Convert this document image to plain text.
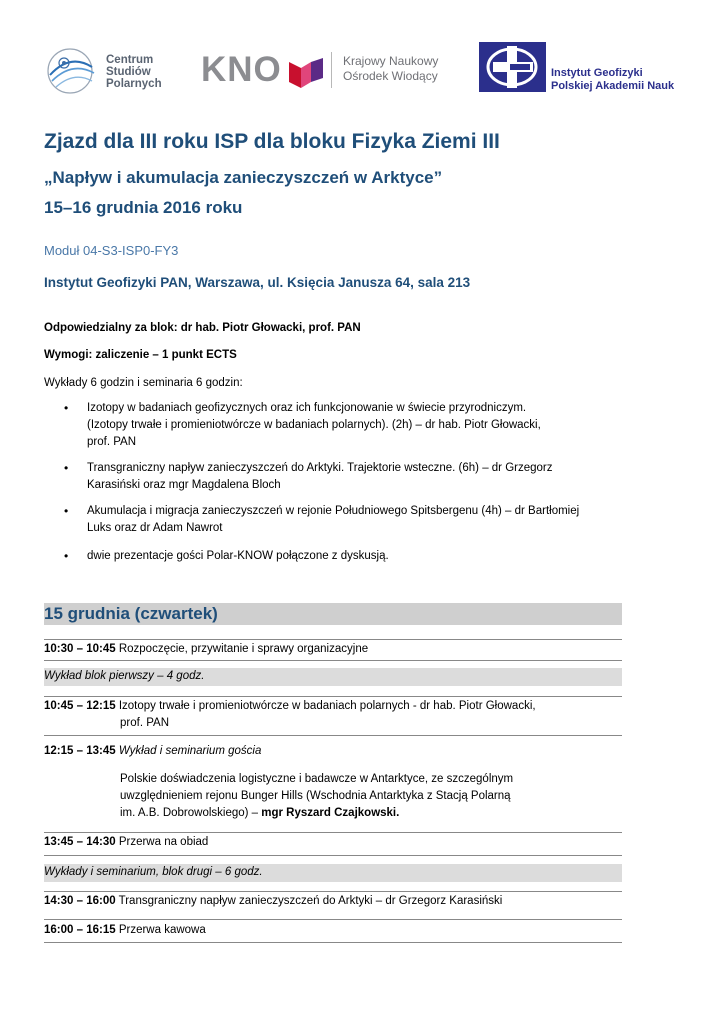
Centrum
Studiów
Polarnych KNO	Krajowy Naukowy
Ośrodek Wiodący	Instytut Geofizyki
Polskiej Akademii Nauk
Zjazd dla III roku ISP dla bloku Fizyka Ziemi III
„Napływ i akumulacja zanieczyszczeń w Arktyce”
15–16 grudnia 2016 roku
Moduł 04-S3-ISP0-FY3
Instytut Geofizyki PAN, Warszawa, ul. Księcia Janusza 64, sala 213
Odpowiedzialny za blok: dr hab. Piotr Głowacki, prof. PAN
Wymogi: zaliczenie – 1 punkt ECTS
Wykłady 6 godzin i seminaria 6 godzin:
• Izotopy w badaniach geofizycznych oraz ich funkcjonowanie w świecie przyrodniczym.
(Izotopy trwałe i promieniotwórcze w badaniach polarnych). (2h) – dr hab. Piotr Głowacki,
prof. PAN
• Transgraniczny napływ zanieczyszczeń do Arktyki. Trajektorie wsteczne. (6h) – dr Grzegorz
Karasiński oraz mgr Magdalena Bloch
• Akumulacja i migracja zanieczyszczeń w rejonie Południowego Spitsbergenu (4h) – dr Bartłomiej
Luks oraz dr Adam Nawrot
• dwie prezentacje gości Polar-KNOW połączone z dyskusją.
15 grudnia (czwartek)
10:30 – 10:45 Rozpoczęcie, przywitanie i sprawy organizacyjne
Wykład blok pierwszy – 4 godz.
10:45 – 12:15 Izotopy trwałe i promieniotwórcze w badaniach polarnych - dr hab. Piotr Głowacki,
prof. PAN
12:15 – 13:45 Wykład i seminarium gościa
Polskie doświadczenia logistyczne i badawcze w Antarktyce, ze szczególnym
uwzględnieniem rejonu Bunger Hills (Wschodnia Antarktyka z Stacją Polarną
im. A.B. Dobrowolskiego) – mgr Ryszard Czajkowski.
13:45 – 14:30 Przerwa na obiad
Wykłady i seminarium, blok drugi – 6 godz.
14:30 – 16:00 Transgraniczny napływ zanieczyszczeń do Arktyki – dr Grzegorz Karasiński
16:00 – 16:15 Przerwa kawowa
